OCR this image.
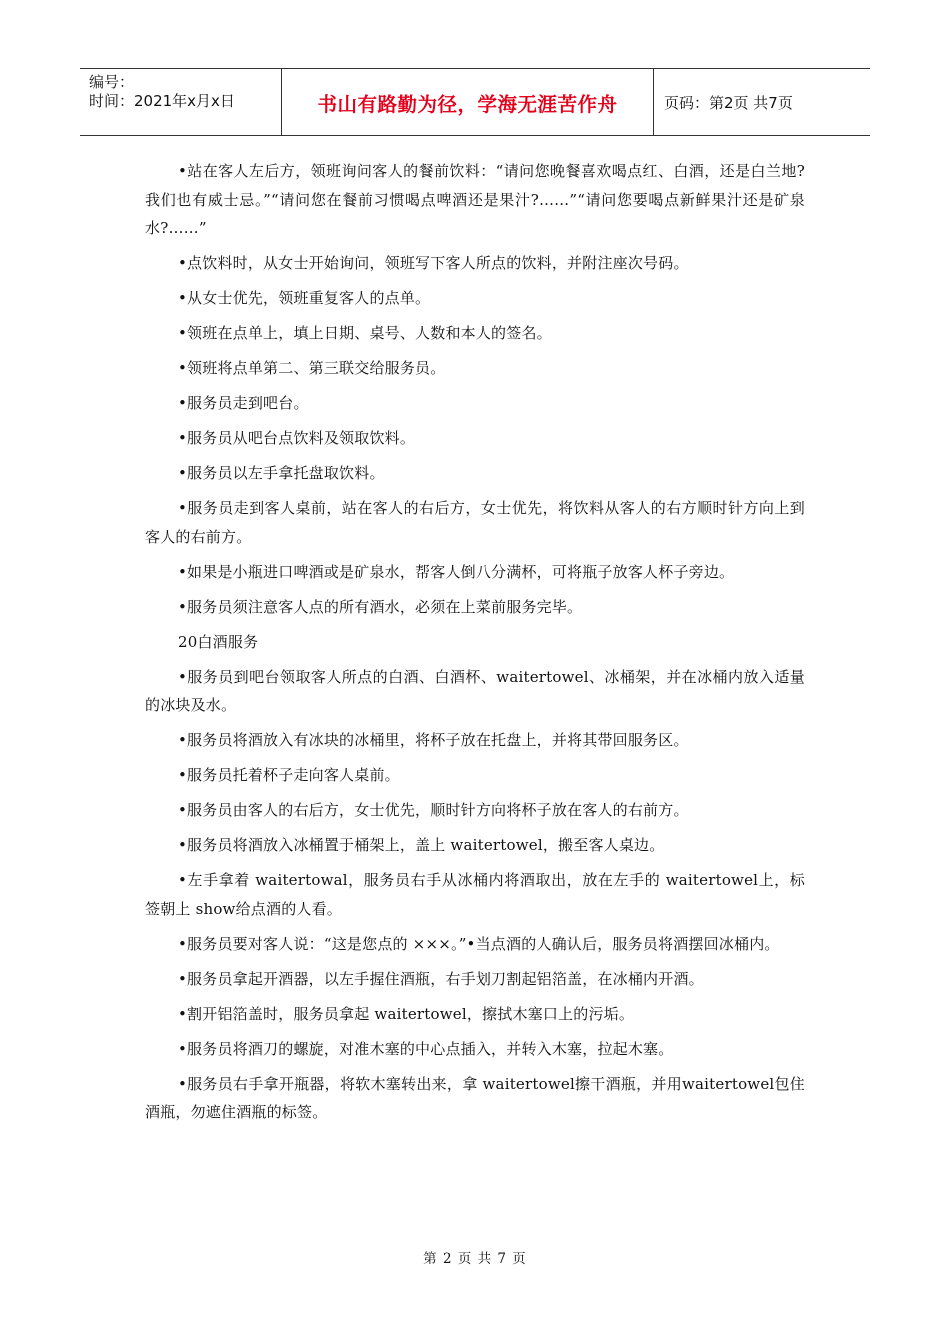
编号：
时间：2021年x月x日	书山有路勤为径，学海无涯苦作舟	页码：第2页 共7页

•站在客人左后方，领班询问客人的餐前饮料：“请问您晚餐喜欢喝点红、白酒，还是白兰地?我们也有威士忌。”“请问您在餐前习惯喝点啤酒还是果汁?……”“请问您要喝点新鲜果汁还是矿泉水?……”

•点饮料时，从女士开始询问，领班写下客人所点的饮料，并附注座次号码。

•从女士优先，领班重复客人的点单。

•领班在点单上，填上日期、桌号、人数和本人的签名。

•领班将点单第二、第三联交给服务员。

•服务员走到吧台。

•服务员从吧台点饮料及领取饮料。

•服务员以左手拿托盘取饮料。

•服务员走到客人桌前，站在客人的右后方，女士优先，将饮料从客人的右方顺时针方向上到客人的右前方。

•如果是小瓶进口啤酒或是矿泉水，帮客人倒八分满杯，可将瓶子放客人杯子旁边。

•服务员须注意客人点的所有酒水，必须在上菜前服务完毕。

20白酒服务

•服务员到吧台领取客人所点的白酒、白酒杯、waitertowel、冰桶架，并在冰桶内放入适量的冰块及水。

•服务员将酒放入有冰块的冰桶里，将杯子放在托盘上，并将其带回服务区。

•服务员托着杯子走向客人桌前。

•服务员由客人的右后方，女士优先，顺时针方向将杯子放在客人的右前方。

•服务员将酒放入冰桶置于桶架上，盖上 waitertowel，搬至客人桌边。

•左手拿着 waitertowal，服务员右手从冰桶内将酒取出，放在左手的 waitertowel上，标签朝上 show给点酒的人看。

•服务员要对客人说：“这是您点的 ×××。”•当点酒的人确认后，服务员将酒摆回冰桶内。

•服务员拿起开酒器，以左手握住酒瓶，右手划刀割起铝箔盖，在冰桶内开酒。

•割开铝箔盖时，服务员拿起 waitertowel，擦拭木塞口上的污垢。

•服务员将酒刀的螺旋，对准木塞的中心点插入，并转入木塞，拉起木塞。

•服务员右手拿开瓶器，将软木塞转出来，拿 waitertowel擦干酒瓶，并用waitertowel包住酒瓶，勿遮住酒瓶的标签。

第 2 页 共 7 页
